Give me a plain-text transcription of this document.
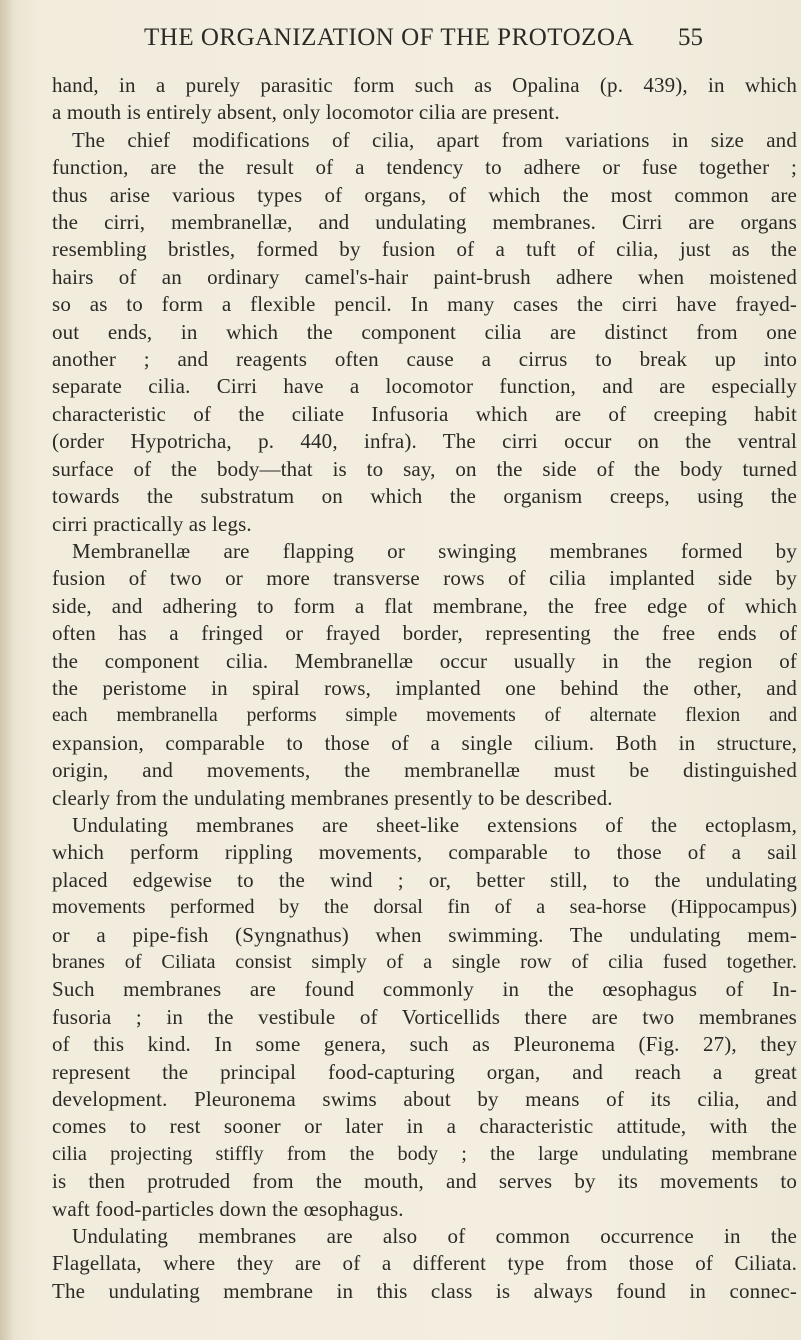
THE ORGANIZATION OF THE PROTOZOA 55

hand, in a purely parasitic form such as Opalina (p. 439), in which

a mouth is entirely absent, only locomotor cilia are present.

The chief modifications of cilia, apart from variations in size and

function, are the result of a tendency to adhere or fuse together ;

thus arise various types of organs, of which the most common are

the cirri, membranellæ, and undulating membranes. Cirri are organs

resembling bristles, formed by fusion of a tuft of cilia, just as the

hairs of an ordinary camel's-hair paint-brush adhere when moistened

so as to form a flexible pencil. In many cases the cirri have frayed-

out ends, in which the component cilia are distinct from one

another ; and reagents often cause a cirrus to break up into

separate cilia. Cirri have a locomotor function, and are especially

characteristic of the ciliate Infusoria which are of creeping habit

(order Hypotricha, p. 440, infra). The cirri occur on the ventral

surface of the body—that is to say, on the side of the body turned

towards the substratum on which the organism creeps, using the

cirri practically as legs.

Membranellæ are flapping or swinging membranes formed by

fusion of two or more transverse rows of cilia implanted side by

side, and adhering to form a flat membrane, the free edge of which

often has a fringed or frayed border, representing the free ends of

the component cilia. Membranellæ occur usually in the region of

the peristome in spiral rows, implanted one behind the other, and

each membranella performs simple movements of alternate flexion and

expansion, comparable to those of a single cilium. Both in structure,

origin, and movements, the membranellæ must be distinguished

clearly from the undulating membranes presently to be described.

Undulating membranes are sheet-like extensions of the ectoplasm,

which perform rippling movements, comparable to those of a sail

placed edgewise to the wind ; or, better still, to the undulating

movements performed by the dorsal fin of a sea-horse (Hippocampus)

or a pipe-fish (Syngnathus) when swimming. The undulating mem-

branes of Ciliata consist simply of a single row of cilia fused together.

Such membranes are found commonly in the œsophagus of In-

fusoria ; in the vestibule of Vorticellids there are two membranes

of this kind. In some genera, such as Pleuronema (Fig. 27), they

represent the principal food-capturing organ, and reach a great

development. Pleuronema swims about by means of its cilia, and

comes to rest sooner or later in a characteristic attitude, with the

cilia projecting stiffly from the body ; the large undulating membrane

is then protruded from the mouth, and serves by its movements to

waft food-particles down the œsophagus.

Undulating membranes are also of common occurrence in the

Flagellata, where they are of a different type from those of Ciliata.

The undulating membrane in this class is always found in connec-
